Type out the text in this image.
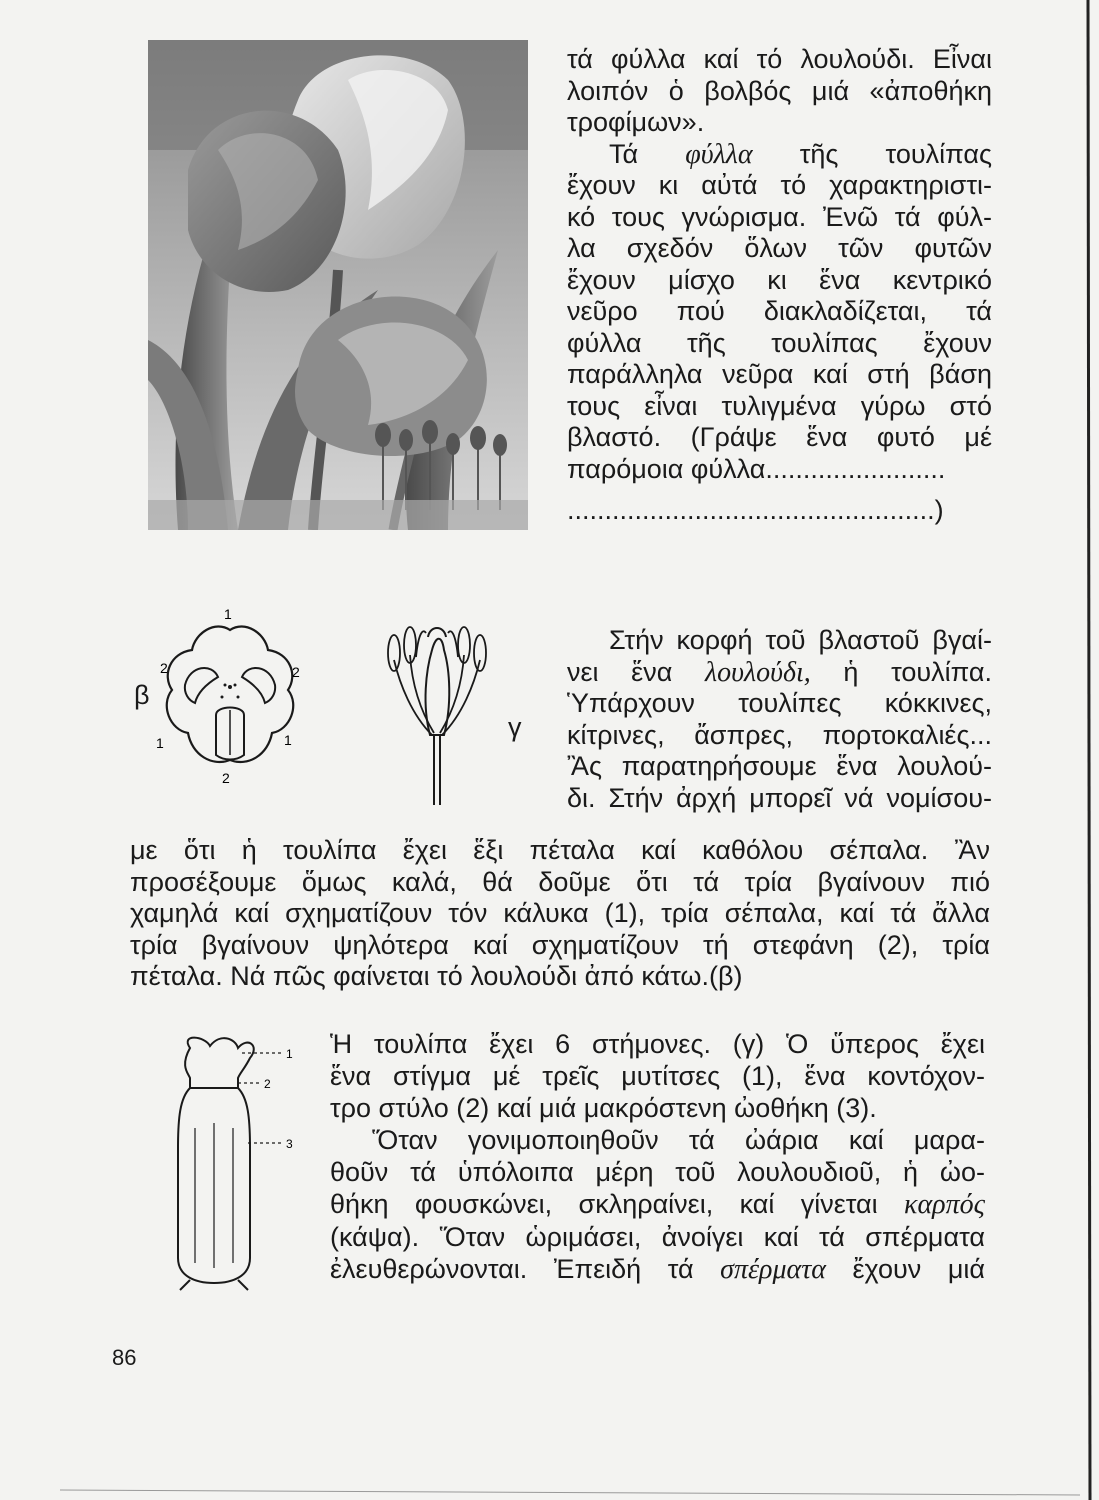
τά φύλλα καί τό λουλούδι. Εἶναι
λοιπόν ὁ βολβός μιά «ἀποθήκη
τροφίμων».
Τά φύλλα τῆς τουλίπας
ἔχουν κι αὐτά τό χαρακτηριστι-
κό τους γνώρισμα. Ἐνῶ τά φύλ-
λα σχεδόν ὅλων τῶν φυτῶν
ἔχουν μίσχο κι ἕνα κεντρικό
νεῦρο πού διακλαδίζεται, τά
φύλλα τῆς τουλίπας ἔχουν
παράλληλα νεῦρα καί στή βάση
τους εἶναι τυλιγμένα γύρω στό
βλαστό. (Γράψε ἕνα φυτό μέ
παρόμοια φύλλα........................
.................................................)
1
2	2
1	1
2
β
γ
Στήν κορφή τοῦ βλαστοῦ βγαί-
νει ἕνα λουλούδι, ἡ τουλίπα.
Ὑπάρχουν τουλίπες κόκκινες,
κίτρινες, ἄσπρες, πορτοκαλιές...
Ἂς παρατηρήσουμε ἕνα λουλού-
δι. Στήν ἀρχή μπορεῖ νά νομίσου-
με ὅτι ἡ τουλίπα ἔχει ἕξι πέταλα καί καθόλου σέπαλα. Ἂν
προσέξουμε ὅμως καλά, θά δοῦμε ὅτι τά τρία βγαίνουν πιό
χαμηλά καί σχηματίζουν τόν κάλυκα (1), τρία σέπαλα, καί τά ἄλλα
τρία βγαίνουν ψηλότερα καί σχηματίζουν τή στεφάνη (2), τρία
πέταλα. Νά πῶς φαίνεται τό λουλούδι ἀπό κάτω.(β)
1
2
3
Ἡ τουλίπα ἔχει 6 στήμονες. (γ) Ὁ ὕπερος ἔχει
ἕνα στίγμα μέ τρεῖς μυτίτσες (1), ἕνα κοντόχον-
τρο στύλο (2) καί μιά μακρόστενη ὠοθήκη (3).
Ὅταν γονιμοποιηθοῦν τά ὠάρια καί μαρα-
θοῦν τά ὑπόλοιπα μέρη τοῦ λουλουδιοῦ, ἡ ὠο-
θήκη φουσκώνει, σκληραίνει, καί γίνεται καρπός
(κάψα). Ὅταν ὡριμάσει, ἀνοίγει καί τά σπέρματα
ἐλευθερώνονται. Ἐπειδή τά σπέρματα ἔχουν μιά
86
